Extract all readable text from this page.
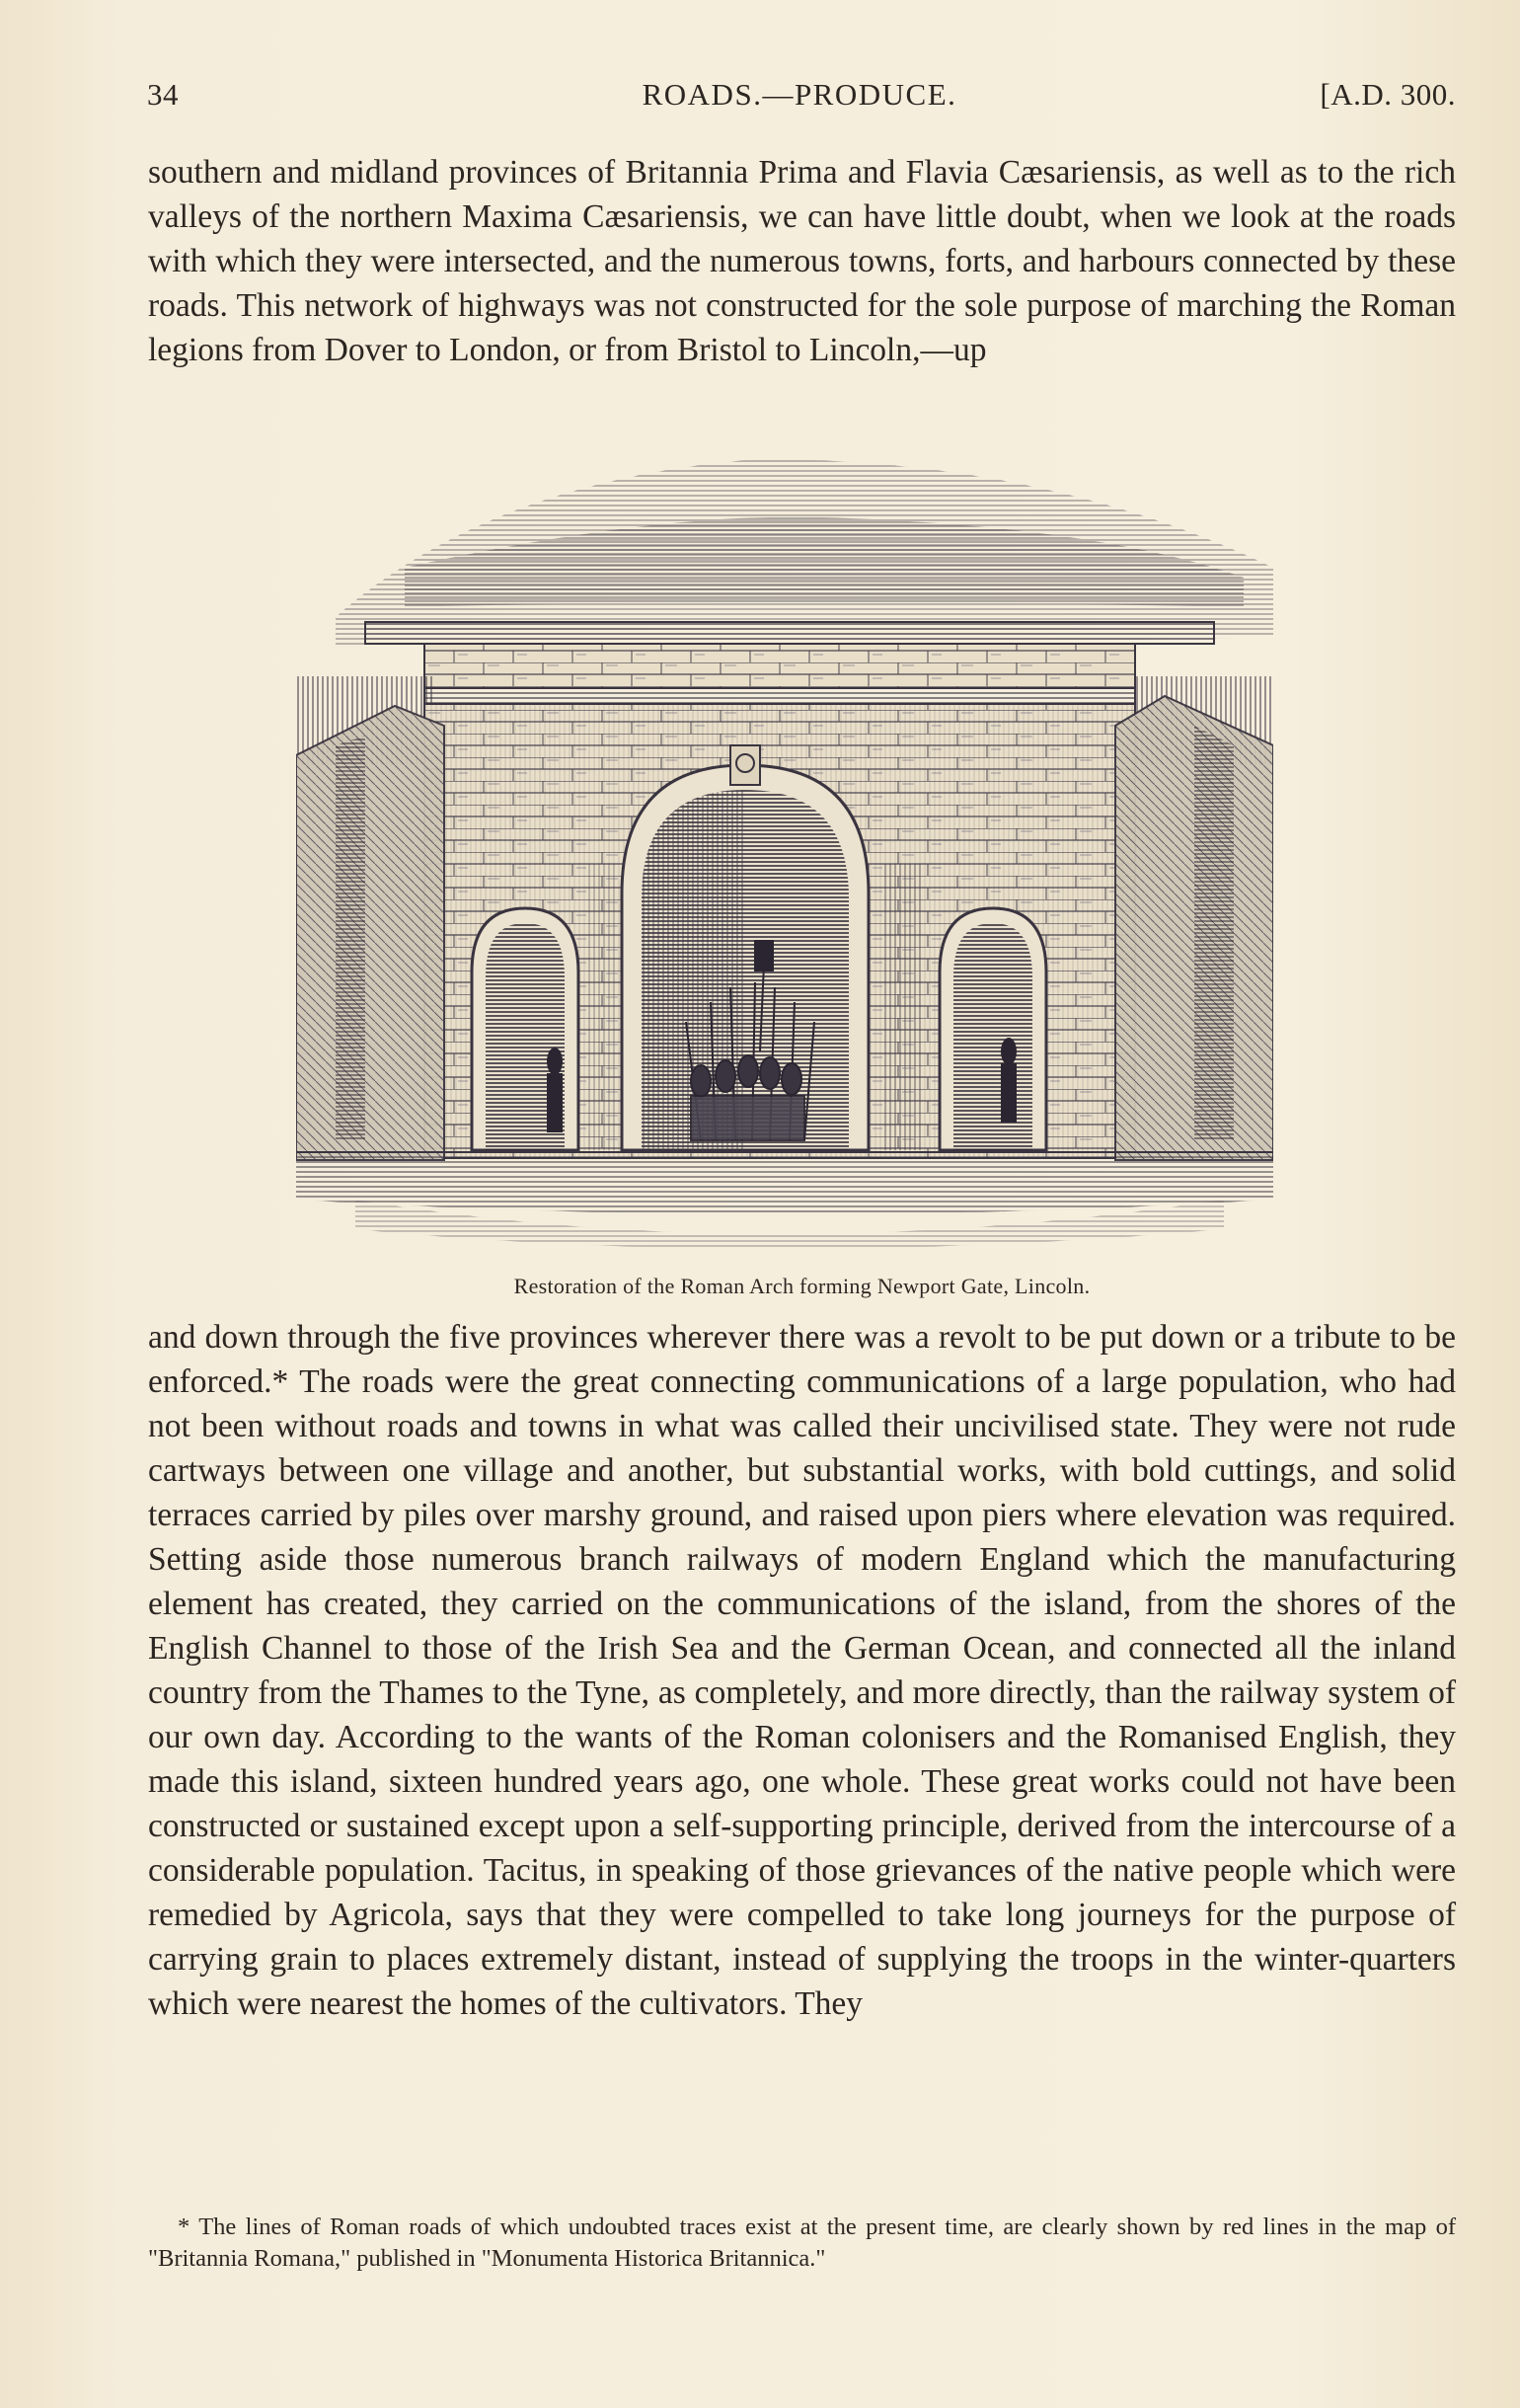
34	ROADS.—PRODUCE.	[A.D. 300.

southern and midland provinces of Britannia Prima and Flavia Cæsariensis, as well as to the rich valleys of the northern Maxima Cæsariensis, we can have little doubt, when we look at the roads with which they were intersected, and the numerous towns, forts, and harbours connected by these roads. This network of highways was not constructed for the sole purpose of marching the Roman legions from Dover to London, or from Bristol to Lincoln,—up

Restoration of the Roman Arch forming Newport Gate, Lincoln.

and down through the five provinces wherever there was a revolt to be put down or a tribute to be enforced.* The roads were the great connecting communications of a large population, who had not been without roads and towns in what was called their uncivilised state. They were not rude cartways between one village and another, but substantial works, with bold cuttings, and solid terraces carried by piles over marshy ground, and raised upon piers where elevation was required. Setting aside those numerous branch railways of modern England which the manufacturing element has created, they carried on the communications of the island, from the shores of the English Channel to those of the Irish Sea and the German Ocean, and connected all the inland country from the Thames to the Tyne, as completely, and more directly, than the railway system of our own day. According to the wants of the Roman colonisers and the Romanised English, they made this island, sixteen hundred years ago, one whole. These great works could not have been constructed or sustained except upon a self-supporting principle, derived from the intercourse of a considerable population. Tacitus, in speaking of those grievances of the native people which were remedied by Agricola, says that they were compelled to take long journeys for the purpose of carrying grain to places extremely distant, instead of supplying the troops in the winter-quarters which were nearest the homes of the cultivators. They

* The lines of Roman roads of which undoubted traces exist at the present time, are clearly shown by red lines in the map of "Britannia Romana," published in "Monumenta Historica Britannica."
